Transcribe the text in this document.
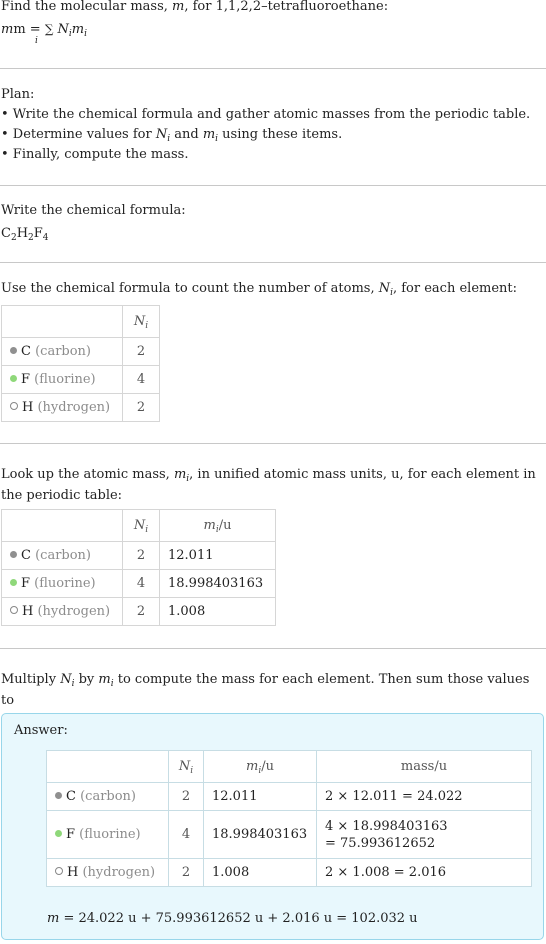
Find the molecular mass, m, for 1,1,2,2–tetrafluoroethane:
mm = ∑ $N_im_i$
i
Plan:
• Write the chemical formula and gather atomic masses from the periodic table.
• Determine values for $N_i$ and $m_i$ using these items.
• Finally, compute the mass.
Write the chemical formula:
$C_2H_2F_4$
Use the chemical formula to count the number of atoms, $N_i$, for each element:
	$N_i$
C (carbon)	2
F (fluorine)	4
H (hydrogen)	2
Look up the atomic mass, $m_i$, in unified atomic mass units, u, for each element in
the periodic table:
	$N_i$	$m_i/u$
C (carbon)	2	12.011
F (fluorine)	4	18.998403163
H (hydrogen)	2	1.008
Multiply $N_i$ by $m_i$ to compute the mass for each element. Then sum those values to

Answer:
	$N_i$	$m_i/u$	mass/u
C (carbon)	2	12.011	2 × 12.011 = 24.022
F (fluorine)	4	18.998403163	4 × 18.998403163
= 75.993612652
H (hydrogen)	2	1.008	2 × 1.008 = 2.016
m = 24.022 u + 75.993612652 u + 2.016 u = 102.032 u
